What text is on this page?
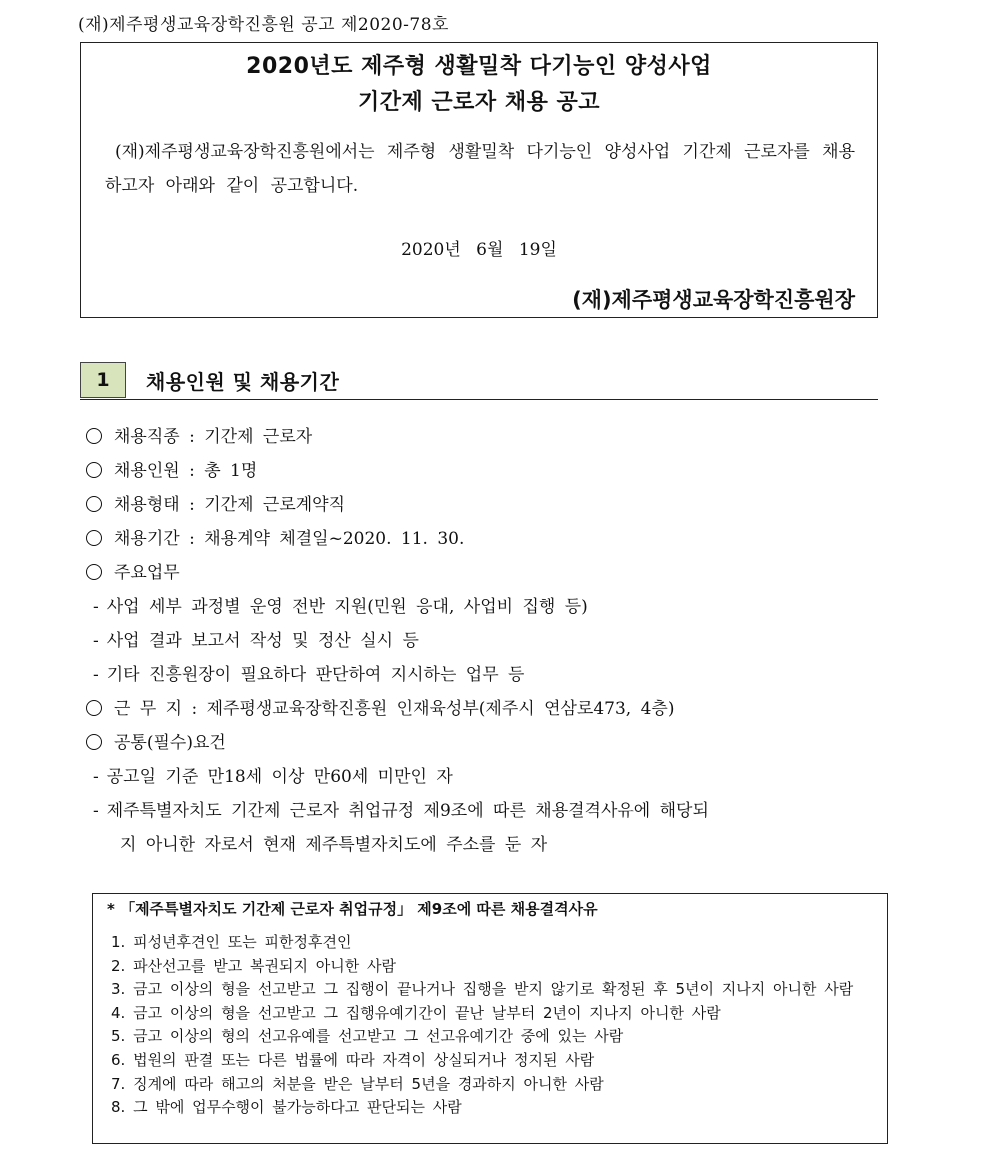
(재)제주평생교육장학진흥원 공고 제2020-78호
2020년도 제주형 생활밀착 다기능인 양성사업
기간제 근로자 채용 공고
(재)제주평생교육장학진흥원에서는 제주형 생활밀착 다기능인 양성사업 기간제 근로자를 채용하고자 아래와 같이 공고합니다.
2020년 6월 19일
(재)제주평생교육장학진흥원장
1	채용인원 및 채용기간
채용직종 : 기간제 근로자
채용인원 : 총 1명
채용형태 : 기간제 근로계약직
채용기간 : 채용계약 체결일~2020. 11. 30.
주요업무
- 사업 세부 과정별 운영 전반 지원(민원 응대, 사업비 집행 등)
- 사업 결과 보고서 작성 및 정산 실시 등
- 기타 진흥원장이 필요하다 판단하여 지시하는 업무 등
근 무 지 : 제주평생교육장학진흥원 인재육성부(제주시 연삼로473, 4층)
공통(필수)요건
- 공고일 기준 만18세 이상 만60세 미만인 자
- 제주특별자치도 기간제 근로자 취업규정 제9조에 따른 채용결격사유에 해당되
지 아니한 자로서 현재 제주특별자치도에 주소를 둔 자
* 「제주특별자치도 기간제 근로자 취업규정」 제9조에 따른 채용결격사유
1. 피성년후견인 또는 피한정후견인
2. 파산선고를 받고 복권되지 아니한 사람
3. 금고 이상의 형을 선고받고 그 집행이 끝나거나 집행을 받지 않기로 확정된 후 5년이 지나지 아니한 사람
4. 금고 이상의 형을 선고받고 그 집행유예기간이 끝난 날부터 2년이 지나지 아니한 사람
5. 금고 이상의 형의 선고유예를 선고받고 그 선고유예기간 중에 있는 사람
6. 법원의 판결 또는 다른 법률에 따라 자격이 상실되거나 정지된 사람
7. 징계에 따라 해고의 처분을 받은 날부터 5년을 경과하지 아니한 사람
8. 그 밖에 업무수행이 불가능하다고 판단되는 사람
